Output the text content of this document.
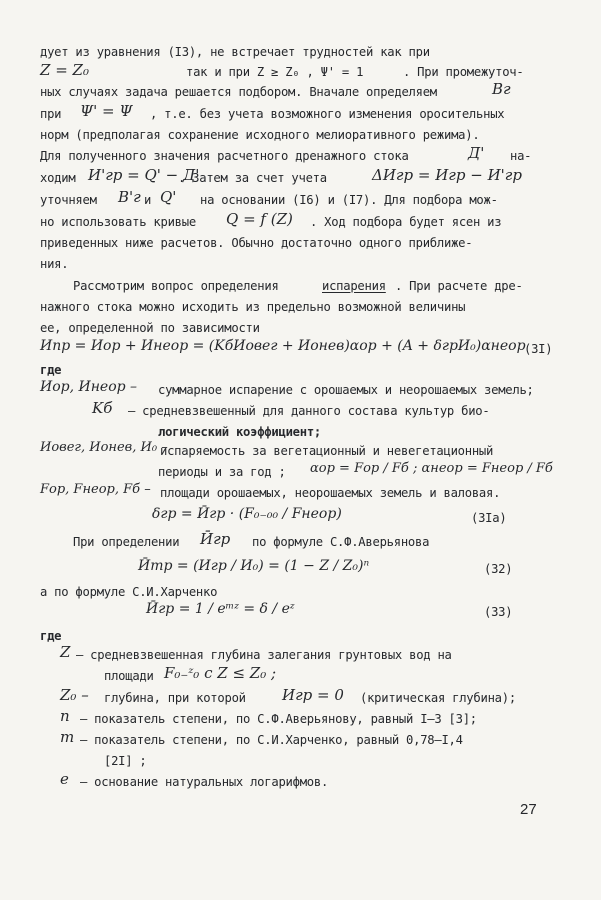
дует из уравнения (I3), не встречает трудностей как при
Z = Z₀	так и при Z ≥ Z₀ , Ψ' = 1	. При промежуточ-
ных случаях задача решается подбором. Вначале определяем	Bг
при Ψ' = Ψ , т.е. без учета возможного изменения оросительных
норм (предполагая сохранение исходного мелиоративного режима).
Для полученного значения расчетного дренажного стока	Д' на-
ходим И'гр = Q' − Д'
. Затем за счет учета	ΔИгр = Игр − И'гр
уточняем B'г и Q' на основании (I6) и (I7). Для подбора мож-
но использовать кривые Q = f (Z) . Ход подбора будет ясен из
приведенных ниже расчетов. Обычно достаточно одного приближе-
ния.
Рассмотрим вопрос определения	испарения . При расчете дре-
нажного стока можно исходить из предельно возможной величины
ее, определенной по зависимости
Ипр = Иор + Инеор = (KбИовег + Ионев)αор + (A + δгрИ₀)αнеор
(3I)
где
Иор, Инеор – суммарное испарение с орошаемых и неорошаемых земель;
Kб – средневзвешенный для данного состава культур био-
логический коэффициент;
Иовег, Ионев, И₀ –
испаряемость за вегетационный и невегетационный
периоды и за год ; αор = Fор / Fб ; αнеор = Fнеор / Fб
Fор, Fнеор, Fб – площади орошаемых, неорошаемых земель и валовая.
δгр = Ӣгр · (F₀₋₀₀ / Fнеор)	(3Iа)
При определении Ӣгр по формуле С.Ф.Аверьянова
Ӣтр = (Игр / И₀) = (1 − Z / Z₀)ⁿ	(32)
а по формуле С.И.Харченко
Ӣгр = 1 / eᵐᶻ = δ / eᶻ	(33)
где
Z – средневзвешенная глубина залегания грунтовых вод на
площади F₀₋ᶻ₀ с Z ≤ Z₀ ;
Z₀ – глубина, при которой Игр = 0 (критическая глубина);
n – показатель степени, по С.Ф.Аверьянову, равный I–3 [3];
m – показатель степени, по С.И.Харченко, равный 0,78–I,4
[2I] ;
e – основание натуральных логарифмов.
27
